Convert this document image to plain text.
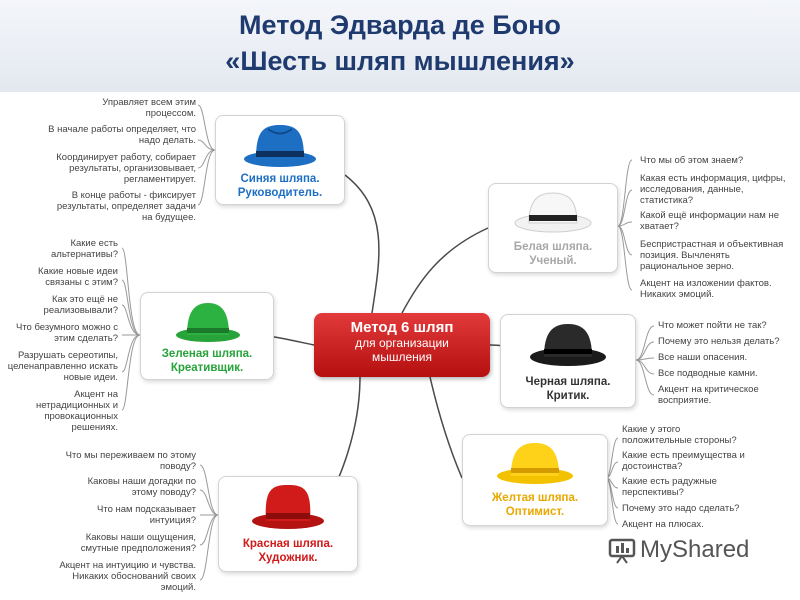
Метод Эдварда де Боно
«Шесть шляп мышления»
Метод 6 шляп
для организации
мышления
Синяя шляпа.
Руководитель.
Белая шляпа.
Ученый.
Зеленая шляпа.
Креативщик.
Черная шляпа.
Критик.
Красная шляпа.
Художник.
Желтая шляпа.
Оптимист.
Управляет всем этим процессом.
В начале работы определяет, что надо делать.
Координирует работу, собирает результаты, организовывает, регламентирует.
В конце работы - фиксирует результаты, определяет задачи на будущее.
Что мы об этом знаем?
Какая есть информация, цифры, исследования, данные, статистика?
Какой ещё информации нам не хватает?
Беспристрастная и объективная позиция. Вычленять рациональное зерно.
Акцент на изложении фактов. Никаких эмоций.
Какие есть альтернативы?
Какие новые идеи связаны с этим?
Как это ещё не реализовывали?
Что безумного можно с этим сделать?
Разрушать сереотипы, целенаправленно искать новые идеи.
Акцент на нетрадиционных и провокационных решениях.
Что может пойти не так?
Почему это нельзя делать?
Все наши опасения.
Все подводные камни.
Акцент на критическое восприятие.
Что мы переживаем по этому поводу?
Каковы наши догадки по этому поводу?
Что нам подсказывает интуиция?
Каковы наши ощущения, смутные предположения?
Акцент на интуицию и чувства. Никаких обоснований своих эмоций.
Какие у этого положительные стороны?
Какие есть преимущества и достоинства?
Какие есть радужные перспективы?
Почему это надо сделать?
Акцент на плюсах.
MyShared
